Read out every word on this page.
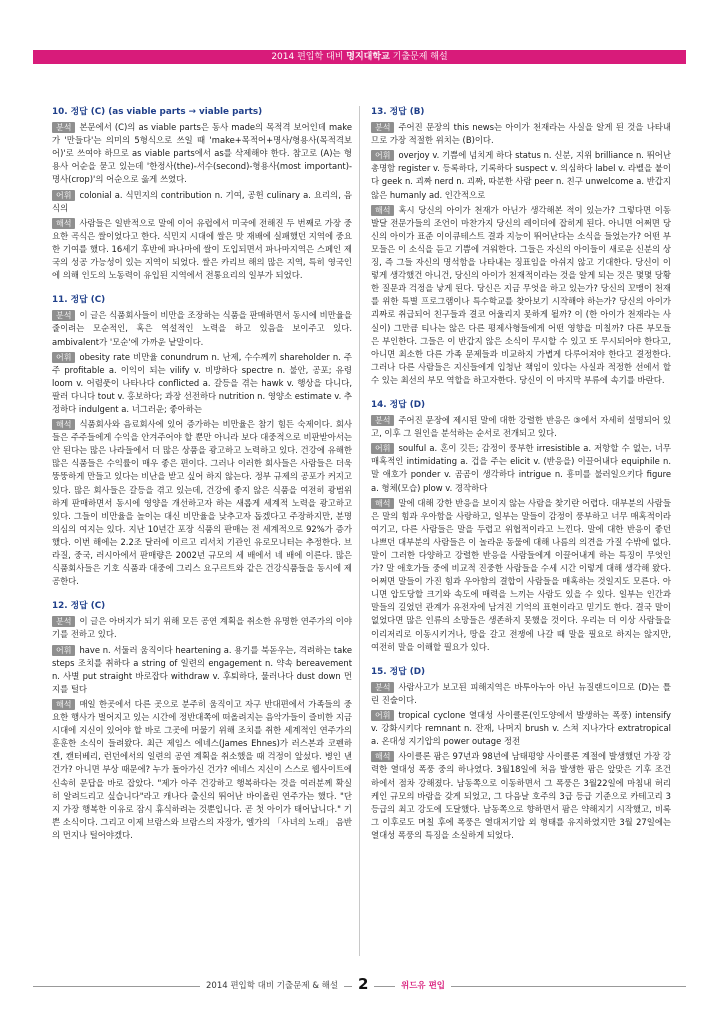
2014 편입학 대비 명지대학교 기출문제 해설
10. 정답 (C) (as viable parts → viable parts)
분석 본문에서 (C)의 as viable parts은 동사 made의 목적격 보어인데 make가 '만들다'는 의미의 5형식으로 쓰일 때 'make+목적어+명사/형용사(목적격보어)'로 쓰여야 하므로 as viable parts에서 as를 삭제해야 한다. 참고로 (A)는 형용사 어순을 묻고 있는데 '한정사(the)-서수(second)-형용사(most important)-명사(crop)'의 어순으로 옳게 쓰였다.
어휘 colonial a. 식민지의 contribution n. 기여, 공헌 culinary a. 요리의, 음식의
해석 사람들은 일반적으로 말에 이어 유럽에서 미국에 전해진 두 번째로 가장 중요한 곡식은 쌀이었다고 한다. 식민지 시대에 쌀은 맛 재배에 실패했던 지역에 중요한 기여를 했다. 16세기 후반에 파나마에 쌀이 도입되면서 파나마지역은 스페인 제국의 성공 가능성이 있는 지역이 되었다. 쌀은 카리브 해의 많은 지역, 특히 영국인에 의해 인도의 노동력이 유입된 지역에서 전통요리의 일부가 되었다.
11. 정답 (C)
분석 이 글은 식품회사들이 비만을 조장하는 식품을 판매하면서 동시에 비만율을 줄이려는 모순적인, 혹은 역설적인 노력을 하고 있음을 보이주고 있다. ambivalent가 '모순'에 가까운 낱말이다.
어휘 obesity rate 비만율 conundrum n. 난제, 수수께끼 shareholder n. 주주 profitable a. 이익이 되는 vilify v. 비방하다 spectre n. 불안, 공포; 유령 loom v. 어렴풋이 나타나다 conflicted a. 갈등을 겪는 hawk v. 행상을 다니다, 팔러 다니다 tout v. 홍보하다; 과장 선전하다 nutrition n. 영양소 estimate v. 추정하다 indulgent a. 너그러운; 좋아하는
해석 식품회사와 음료회사에 있어 증가하는 비만율은 참기 힘든 숙제이다. 회사들은 주주들에게 수익을 안겨주어야 할 뿐만 아니라 보다 대중적으로 비판받아서는 안 된다는 많은 나라들에서 더 많은 상품을 광고하고 노력하고 있다. 건강에 유해한 많은 식품들은 수익률이 매우 좋은 편이다. 그러나 이러한 회사들은 사람들은 더욱 뚱뚱하게 만들고 있다는 비난을 받고 싶어 하지 않는다. 정부 규제의 공포가 커지고 있다. 많은 회사들은 갈등을 겪고 있는데, 건강에 좋지 않은 식품을 여전히 광범위하게 판매하면서 동시에 영양을 개선하고자 하는 새롭게 세계적 노력을 광고하고 있다. 그들이 비만율을 높이는 대신 비만율을 낮추고자 돕겠다고 주장하지만, 분명 의심의 여지는 있다. 지난 10년간 포장 식품의 판매는 전 세계적으로 92%가 증가했다. 이번 해에는 2.2조 달러에 이르고 리서치 기관인 유로모니터는 추정한다. 브라질, 중국, 러시아에서 판매량은 2002년 규모의 세 배에서 네 배에 이른다. 많은 식품회사들은 기호 식품과 대중에 그리스 요구르트와 같은 건강식품들을 동시에 제공한다.
12. 정답 (C)
분석 이 글은 아버지가 되기 위해 모든 공연 계획을 취소한 유명한 연주가의 이야기를 전하고 있다.
어휘 have n. 서둘러 움직이다 heartening a. 용기를 북돋우는, 격려하는 take steps 조치를 취하다 a string of 일련의 engagement n. 약속 bereavement n. 사별 put straight 바로잡다 withdraw v. 후퇴하다, 물러나다 dust down 먼지를 털다
해석 매일 한곳에서 다른 곳으로 분주히 움직이고 자구 반대편에서 가족들의 중요한 행사가 벌어지고 있는 시간에 정반대쪽에 떠올려지는 음악가들이 즐비한 지금 시대에 지신이 있어야 할 바로 그곳에 머물기 위해 조치를 취한 세계적인 연주가의 훈훈한 소식이 들려왔다. 최근 제임스 에네스(James Ehnes)가 러스본과 코펜하겐, 캔터베리, 런던에서의 일련의 공연 계획을 취소했을 때 걱정이 앞섰다. 병인 낸건가? 아니면 부상 때문에? 누가 돌아가신 건가? 에네스 지신이 스스로 웹사이트에 신속히 문답을 바로 잡았다. "제가 아주 건강하고 행복하다는 것을 여러분께 확실히 알려드리고 싶습니다"라고 캐나다 출신의 뛰어난 바이올린 연주가는 했다. "단지 가장 행복한 이유로 잠시 휴식하려는 것뿐입니다. 곧 첫 아이가 태어납니다." 기쁜 소식이다. 그리고 이제 브람스와 브람스의 자장가, 엘가의 「사녀의 노래」 음반의 먼지나 털어야겠다.
13. 정답 (B)
분석 주어진 문장의 this news는 아이가 천재라는 사실을 알게 된 것을 나타내므로 가장 적절한 위치는 (B)이다.
어휘 overjoy v. 기쁨에 넘치게 하다 status n. 신분, 지위 brilliance n. 뛰어난 총명함 register v. 등록하다, 기록하다 suspect v. 의심하다 label v. 라벨을 붙이다 geek n. 괴짜 nerd n. 괴짜, 따분한 사람 peer n. 친구 unwelcome a. 반갑지 않은 humanly ad. 인간적으로
해석 혹시 당신의 아이가 천재가 아닌가 생각해본 적이 있는가? 그렇다면 이동 발달 전문가들의 조언이 마찬가지 당신의 레이더에 잡히게 된다. 아니면 어쩌면 당신의 아이가 표준 이이큐테스트 결과 지능이 뛰어난다는 소식을 들었는가? 어떤 부모들은 이 소식을 듣고 기쁨에 겨워한다. 그들은 자신의 아이들이 새로운 신분의 상징, 즉 그들 자신의 명석함을 나타내는 징표임을 아쉬지 않고 기대한다. 당신이 이렇게 생각했건 아니건, 당신의 아이가 천재적이라는 것을 알게 되는 것은 몇몇 당황한 질문과 걱정을 낳게 된다. 당신은 지금 무엇을 하고 있는가? 당신의 꼬맹이 천재를 위한 특별 프로그램이나 특수학교를 찾아보기 시작해야 하는가? 당신의 아이가 괴짜로 취급되어 친구들과 결코 어울리지 못하게 될까? 이 (한 아이가 천재라는 사실이) 그만큼 티나는 않은 다른 평제사형들에게 어떤 영향을 미칠까? 다른 부모들은 부인한다. 그들은 이 반갑지 않은 소식이 무시할 수 있고 또 무시되어야 한다고, 아니면 최소한 다른 가족 문제들과 비교하지 가볍게 다루어져야 한다고 결정한다. 그러나 다른 사람들은 지신들에게 입청난 책임이 있다는 사실과 적정한 선에서 할 수 있는 최선의 부모 역할을 하고자한다. 당신이 이 마지막 부류에 속기를 바란다.
14. 정답 (D)
분석 주어진 문장에 제시된 말에 대한 강렬한 반응은 ③에서 자세히 설명되어 있고, 이후 그 원인을 분석하는 순서로 전개되고 있다.
어휘 soulful a. 혼이 깃든; 감정이 풍부한 irresistible a. 저항할 수 없는, 너무 매혹적인 intimidating a. 겁을 주는 elicit v. (반응을) 이끌어내다 equiphile n. 말 애호가 ponder v. 곰곰이 생각하다 intrigue n. 흥미를 불러일으키다 figure a. 형체(모습) plow v. 경작하다
해석 말에 대해 강한 반응을 보이지 않는 사람을 찾기란 어렵다. 대부분의 사람들은 말의 힘과 우아함을 사랑하고, 일부는 말들이 감정이 풍부하고 너무 매혹적이라 여기고, 다른 사람들은 말을 두렵고 위협적이라고 느낀다. 말에 대한 반응이 좋던 나쁘던 대부분의 사람들은 이 놀라운 동물에 대해 나름의 의견을 가질 수밖에 없다. 말이 그러한 다양하고 강렬한 반응을 사람들에게 이끌어내게 하는 특징이 무엇인가? 말 애호가들 중에 비교적 진중한 사람들을 수세 시간 이렇게 대해 생각해 왔다. 어쩌면 말들이 가진 힘과 우아함의 결합이 사람들을 매혹하는 것일지도 모른다. 아니면 압도당할 크기와 속도에 매력을 느끼는 사람도 있을 수 있다. 일부는 인간과 말들의 길었던 관계가 유전자에 남겨진 기억의 표현이라고 믿기도 한다. 결국 말이 없었다면 많은 인류의 소망들은 생존하지 못했을 것이다. 우리는 더 이상 사람들을 이리저리로 이동시키거나, 땅을 갈고 전쟁에 나갈 때 말을 필요로 하지는 않지만, 여전히 말을 이해할 필요가 있다.
15. 정답 (D)
분석 사람사고가 보고된 피해지역은 바투아누아 아닌 뉴질랜드이므로 (D)는 틀린 진술이다.
어휘 tropical cyclone 열대성 사이클론(인도양에서 발생하는 폭풍) intensify v. 강화시키다 remnant n. 잔재, 나머지 brush v. 스쳐 지나가다 extratropical a. 온대성 지기압의 power outage 정전
해석 사이클론 팜은 97년과 98년에 남태평양 사이클론 계절에 발생했던 가장 강력한 열대성 폭풍 중의 하나였다. 3월18일에 처음 발생한 팜은 앞맞은 기후 조건 하에서 점차 강해졌다. 남동쪽으로 이동하면서 그 폭풍은 3월22일에 마침내 허리케인 규모의 바람을 갖게 되었고, 그 다음날 호주의 3급 등급 기준으로 카테고리 3등급의 최고 강도에 도달했다. 남동쪽으로 향하면서 팜은 약해지기 시작했고, 비록 그 이후로도 며칠 후에 폭풍은 열대저기압 외 형태를 유지하였지만 3월 27일에는 열대성 폭풍의 특징을 소실하게 되었다.
2014 편입학 대비 기출문제 & 해설	2	위드유 편입
